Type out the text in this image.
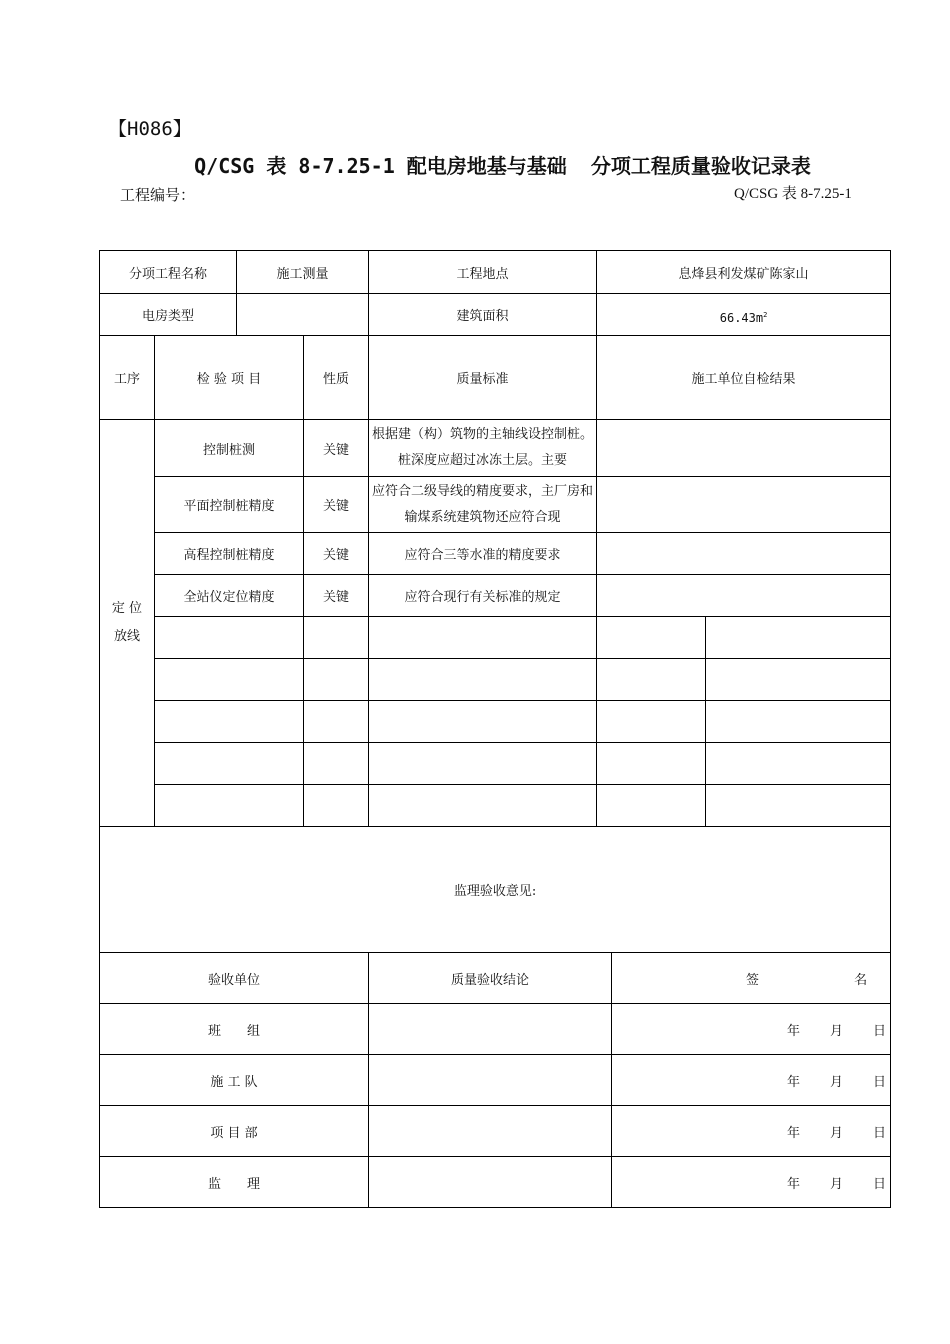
【H086】
Q/CSG 表 8-7.25-1 配电房地基与基础  分项工程质量验收记录表
工程编号：	Q/CSG 表 8-7.25-1
分项工程名称		施工测量		工程地点	息烽县利发煤矿陈家山		
电房类型				建筑面积	$66.43m^2$
工序	检 验 项 目		性质	质量标准	施工单位自检结果		

定 位
放线	控制桩测		关键	根据建（构）筑物的主轴线设控制桩。桩深度应超过冰冻土层。主要			

	平面控制桩精度		关键	应符合二级导线的精度要求，主厂房和输煤系统建筑物还应符合现			

	高程控制桩精度		关键	应符合三等水准的精度要求			
	全站仪定位精度		关键	应符合现行有关标准的规定			

监理验收意见:							
验收单位				质量验收结论		签 名	

班　　组						年 月 日	

施 工 队						年 月 日	

项 目 部						年 月 日	

监　　理						年 月 日	
